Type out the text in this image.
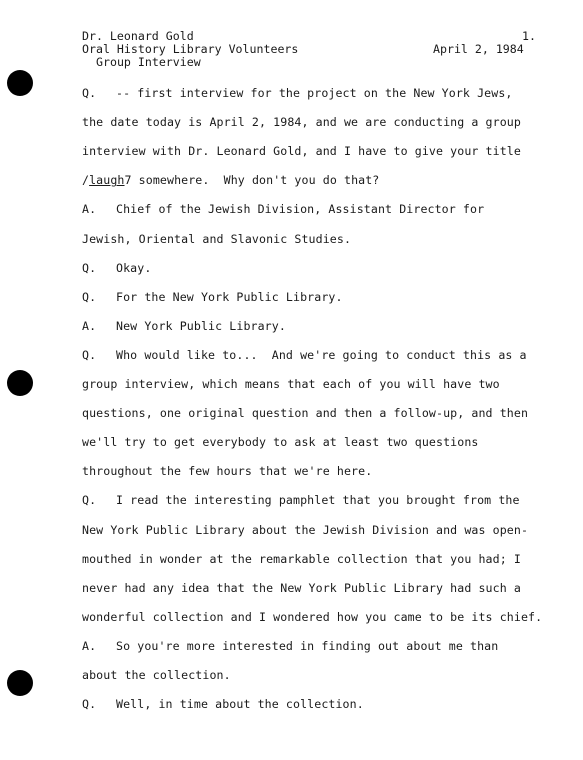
Dr. Leonard Gold
Oral History Library Volunteers
Group Interview
1.
April 2, 1984
Q. -- first interview for the project on the New York Jews,
the date today is April 2, 1984, and we are conducting a group
interview with Dr. Leonard Gold, and I have to give your title
/laugh7 somewhere.  Why don't you do that?
A. Chief of the Jewish Division, Assistant Director for
Jewish, Oriental and Slavonic Studies.
Q. Okay.
Q. For the New York Public Library.
A. New York Public Library.
Q. Who would like to...  And we're going to conduct this as a
group interview, which means that each of you will have two
questions, one original question and then a follow-up, and then
we'll try to get everybody to ask at least two questions
throughout the few hours that we're here.
Q. I read the interesting pamphlet that you brought from the
New York Public Library about the Jewish Division and was open-
mouthed in wonder at the remarkable collection that you had; I
never had any idea that the New York Public Library had such a
wonderful collection and I wondered how you came to be its chief.
A. So you're more interested in finding out about me than
about the collection.
Q. Well, in time about the collection.
